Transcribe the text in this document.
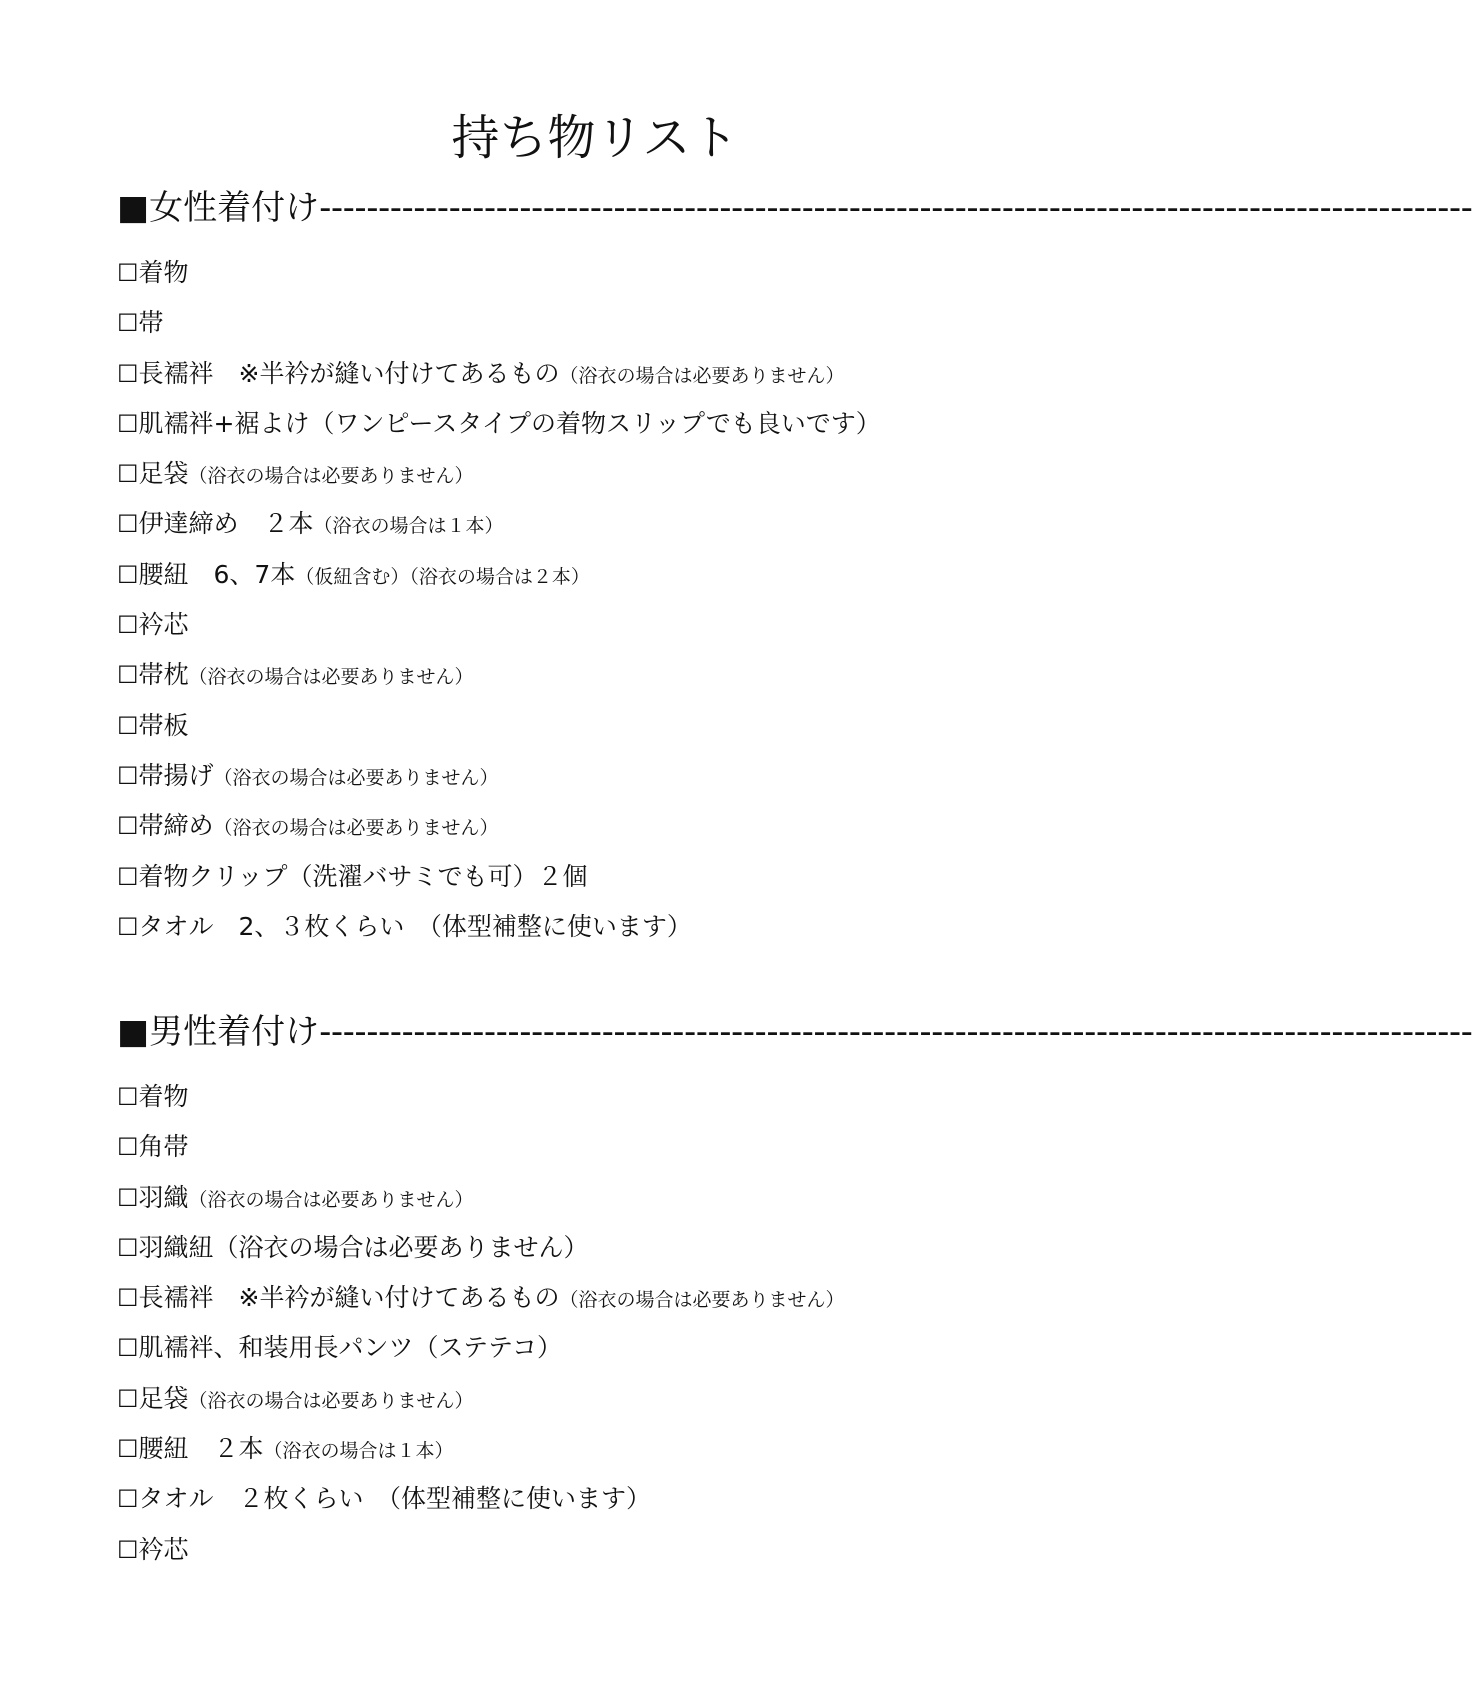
持ち物リスト
■女性着付け--------------------------------------------------------------------------------------------------
☐着物
☐帯
☐長襦袢　※半衿が縫い付けてあるもの（浴衣の場合は必要ありません）
☐肌襦袢+裾よけ（ワンピースタイプの着物スリップでも良いです）
☐足袋（浴衣の場合は必要ありません）
☐伊達締め　２本（浴衣の場合は１本）
☐腰紐　6、7本（仮紐含む）（浴衣の場合は２本）
☐衿芯
☐帯枕（浴衣の場合は必要ありません）
☐帯板
☐帯揚げ（浴衣の場合は必要ありません）
☐帯締め（浴衣の場合は必要ありません）
☐着物クリップ（洗濯バサミでも可）２個
☐タオル　2、３枚くらい　（体型補整に使います）
■男性着付け--------------------------------------------------------------------------------------------------
☐着物
☐角帯
☐羽織（浴衣の場合は必要ありません）
☐羽織紐（浴衣の場合は必要ありません）
☐長襦袢　※半衿が縫い付けてあるもの（浴衣の場合は必要ありません）
☐肌襦袢、和装用長パンツ（ステテコ）
☐足袋（浴衣の場合は必要ありません）
☐腰紐　２本（浴衣の場合は１本）
☐タオル　２枚くらい　（体型補整に使います）
☐衿芯
